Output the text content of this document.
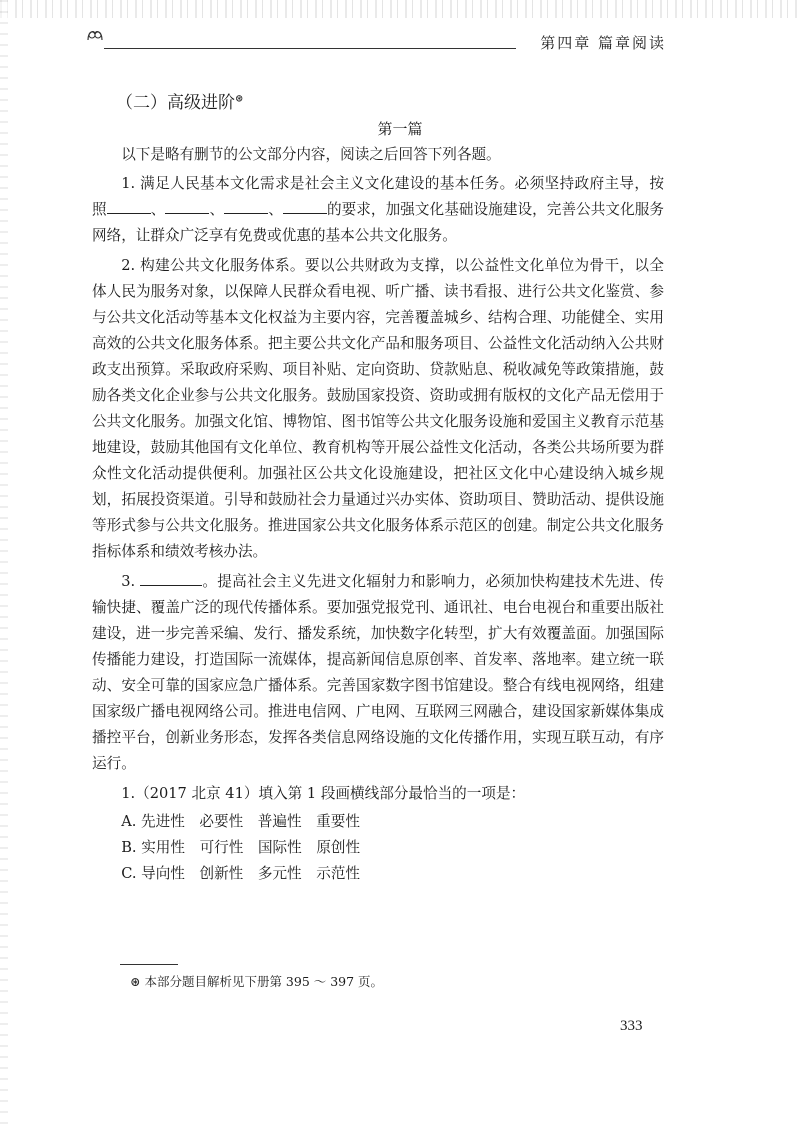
第四章 篇章阅读
（二）高级进阶⊛
第一篇

以下是略有删节的公文部分内容，阅读之后回答下列各题。

1. 满足人民基本文化需求是社会主义文化建设的基本任务。必须坚持政府主导，按照	、	、	、	的要求，加强文化基础设施建设，完善公共文化服务网络，让群众广泛享有免费或优惠的基本公共文化服务。

2. 构建公共文化服务体系。要以公共财政为支撑，以公益性文化单位为骨干，以全体人民为服务对象，以保障人民群众看电视、听广播、读书看报、进行公共文化鉴赏、参与公共文化活动等基本文化权益为主要内容，完善覆盖城乡、结构合理、功能健全、实用高效的公共文化服务体系。把主要公共文化产品和服务项目、公益性文化活动纳入公共财政支出预算。采取政府采购、项目补贴、定向资助、贷款贴息、税收减免等政策措施，鼓励各类文化企业参与公共文化服务。鼓励国家投资、资助或拥有版权的文化产品无偿用于公共文化服务。加强文化馆、博物馆、图书馆等公共文化服务设施和爱国主义教育示范基地建设，鼓励其他国有文化单位、教育机构等开展公益性文化活动，各类公共场所要为群众性文化活动提供便利。加强社区公共文化设施建设，把社区文化中心建设纳入城乡规划，拓展投资渠道。引导和鼓励社会力量通过兴办实体、资助项目、赞助活动、提供设施等形式参与公共文化服务。推进国家公共文化服务体系示范区的创建。制定公共文化服务指标体系和绩效考核办法。

3.	。提高社会主义先进文化辐射力和影响力，必须加快构建技术先进、传输快捷、覆盖广泛的现代传播体系。要加强党报党刊、通讯社、电台电视台和重要出版社建设，进一步完善采编、发行、播发系统，加快数字化转型，扩大有效覆盖面。加强国际传播能力建设，打造国际一流媒体，提高新闻信息原创率、首发率、落地率。建立统一联动、安全可靠的国家应急广播体系。完善国家数字图书馆建设。整合有线电视网络，组建国家级广播电视网络公司。推进电信网、广电网、互联网三网融合，建设国家新媒体集成播控平台，创新业务形态，发挥各类信息网络设施的文化传播作用，实现互联互动，有序运行。

1.（2017 北京 41）填入第 1 段画横线部分最恰当的一项是：

A. 先进性　必要性　普遍性　重要性
B. 实用性　可行性　国际性　原创性
C. 导向性　创新性　多元性　示范性
⊛ 本部分题目解析见下册第 395 ～ 397 页。
333
